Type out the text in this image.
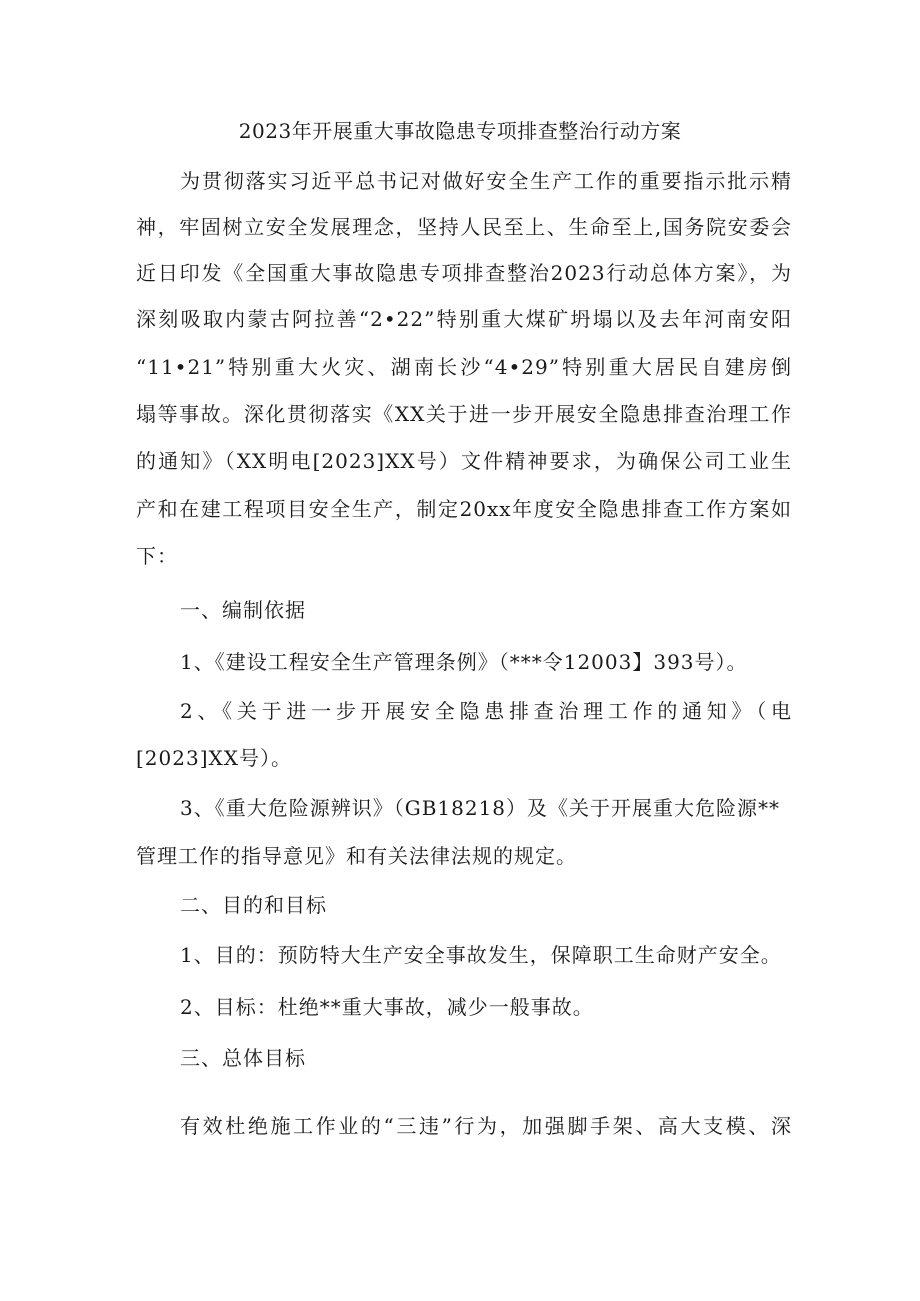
2023年开展重大事故隐患专项排查整治行动方案
为贯彻落实习近平总书记对做好安全生产工作的重要指示批示精
神，牢固树立安全发展理念，坚持人民至上、生命至上,国务院安委会
近日印发《全国重大事故隐患专项排查整治2023行动总体方案》，为
深刻吸取内蒙古阿拉善“2•22”特别重大煤矿坍塌以及去年河南安阳
“11•21”特别重大火灾、湖南长沙“4•29”特别重大居民自建房倒
塌等事故。深化贯彻落实《XX关于进一步开展安全隐患排查治理工作
的通知》（XX明电[2023]XX号）文件精神要求，为确保公司工业生
产和在建工程项目安全生产，制定20xx年度安全隐患排查工作方案如
下：
一、编制依据
1、《建设工程安全生产管理条例》（***令12003】393号）。
2、《关于进一步开展安全隐患排查治理工作的通知》（电
[2023]XX号）。
3、《重大危险源辨识》（GB18218）及《关于开展重大危险源**
管理工作的指导意见》和有关法律法规的规定。
二、目的和目标
1、目的：预防特大生产安全事故发生，保障职工生命财产安全。
2、目标：杜绝**重大事故，减少一般事故。
三、总体目标
有效杜绝施工作业的“三违”行为，加强脚手架、高大支模、深
